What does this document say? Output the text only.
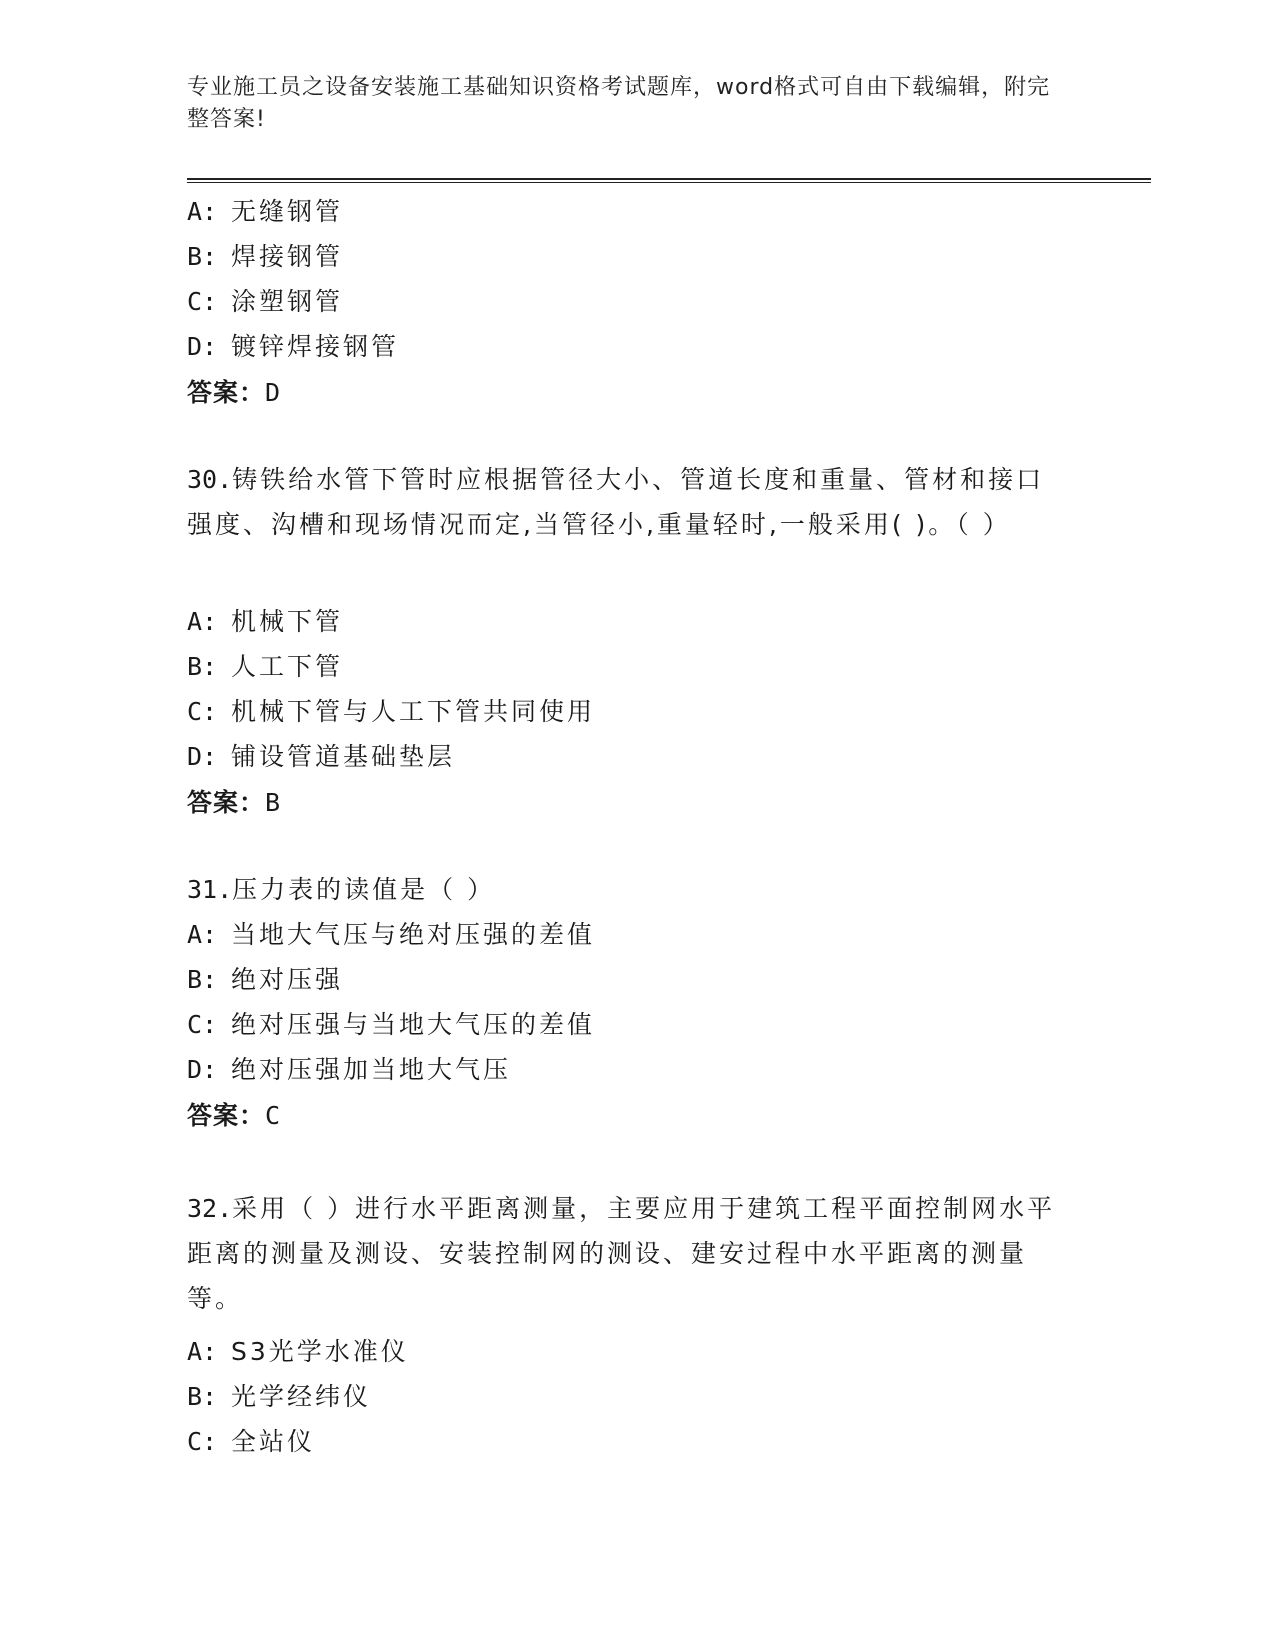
专业施工员之设备安装施工基础知识资格考试题库，word格式可自由下载编辑，附完整答案!

A: 无缝钢管

B: 焊接钢管

C: 涂塑钢管

D: 镀锌焊接钢管

答案：D

30.铸铁给水管下管时应根据管径大小、管道长度和重量、管材和接口强度、沟槽和现场情况而定,当管径小,重量轻时,一般采用( )。（ ）

A: 机械下管

B: 人工下管

C: 机械下管与人工下管共同使用

D: 铺设管道基础垫层

答案：B

31.压力表的读值是（ ）

A: 当地大气压与绝对压强的差值

B: 绝对压强

C: 绝对压强与当地大气压的差值

D: 绝对压强加当地大气压

答案：C

32.采用（ ）进行水平距离测量，主要应用于建筑工程平面控制网水平距离的测量及测设、安装控制网的测设、建安过程中水平距离的测量等。

A: S3光学水准仪

B: 光学经纬仪

C: 全站仪
